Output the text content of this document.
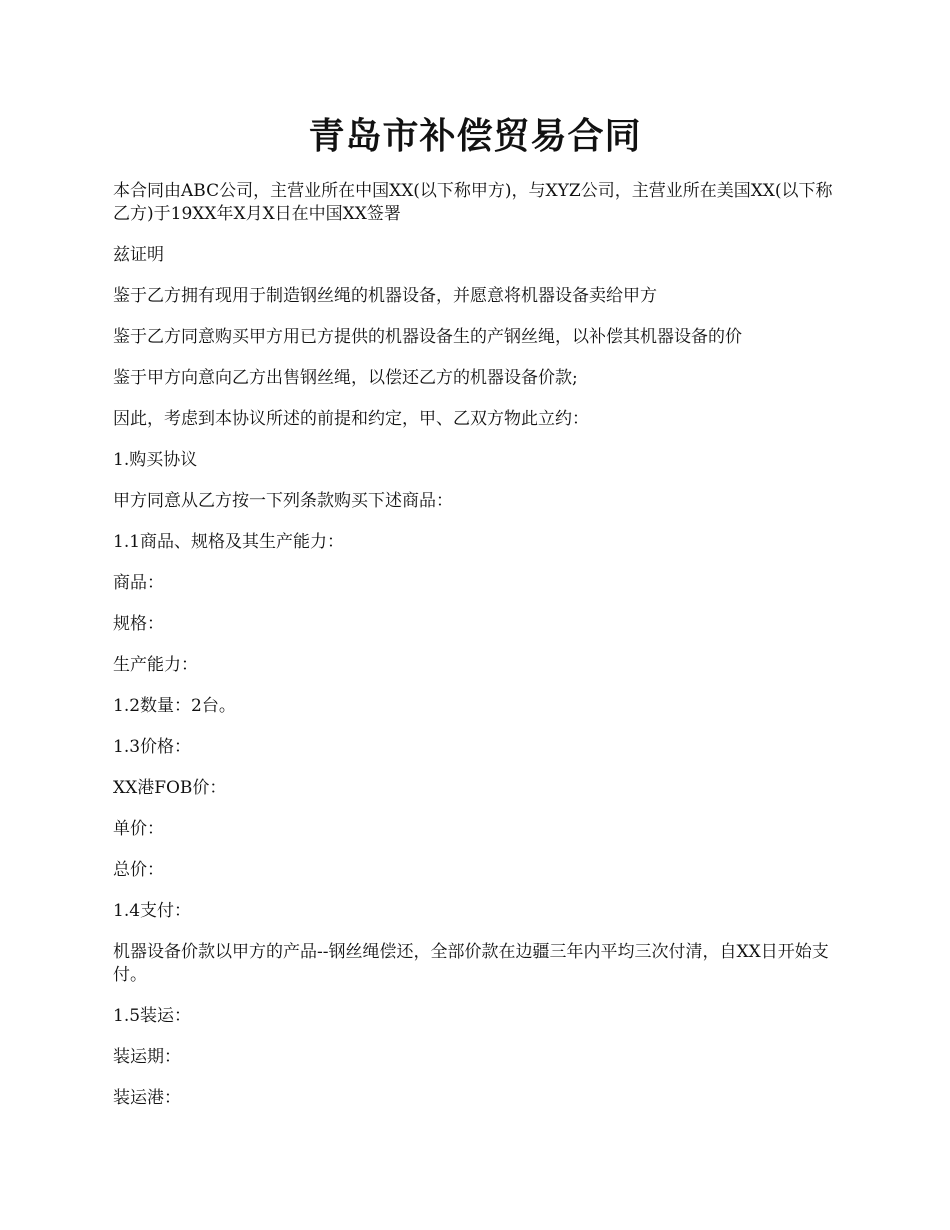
青岛市补偿贸易合同

本合同由ABC公司，主营业所在中国XX(以下称甲方)，与XYZ公司，主营业所在美国XX(以下称乙方)于19XX年X月X日在中国XX签署

兹证明

鉴于乙方拥有现用于制造钢丝绳的机器设备，并愿意将机器设备卖给甲方

鉴于乙方同意购买甲方用已方提供的机器设备生的产钢丝绳，以补偿其机器设备的价

鉴于甲方向意向乙方出售钢丝绳，以偿还乙方的机器设备价款;

因此，考虑到本协议所述的前提和约定，甲、乙双方物此立约：

1.购买协议

甲方同意从乙方按一下列条款购买下述商品：

1.1商品、规格及其生产能力：

商品：

规格：

生产能力：

1.2数量：2台。

1.3价格：

XX港FOB价：

单价：

总价：

1.4支付：

机器设备价款以甲方的产品--钢丝绳偿还，全部价款在边疆三年内平均三次付清，自XX日开始支付。

1.5装运：

装运期：

装运港：
